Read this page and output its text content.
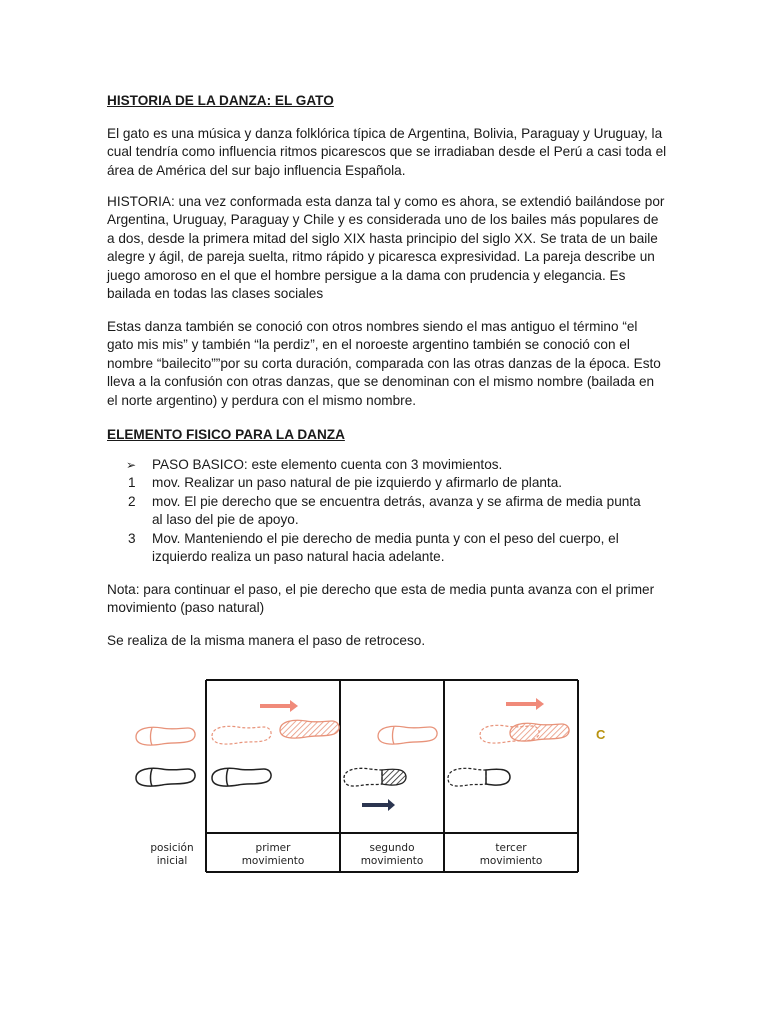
HISTORIA DE LA DANZA: EL GATO

El gato es una música y danza folklórica típica de Argentina, Bolivia, Paraguay y Uruguay, la cual tendría como influencia ritmos picarescos que se irradiaban desde el Perú a casi toda el área de América del sur bajo influencia Española.

HISTORIA: una vez conformada esta danza tal y como es ahora, se extendió bailándose por Argentina, Uruguay, Paraguay y Chile y es considerada uno de los bailes más populares de a dos, desde la primera mitad del siglo XIX hasta principio del siglo XX. Se trata de un baile alegre y ágil, de pareja suelta, ritmo rápido y picaresca expresividad. La pareja describe un juego amoroso en el que el hombre persigue a la dama con prudencia y elegancia. Es bailada en todas las clases sociales

Estas danza también se conoció con otros nombres siendo el mas antiguo el término “el gato mis mis” y también “la perdiz”, en el noroeste argentino también se conoció con el nombre “bailecito””por su corta duración, comparada con las otras danzas de la época. Esto lleva a la confusión con otras danzas, que se denominan con el mismo nombre (bailada en el norte argentino) y perdura con el mismo nombre.

ELEMENTO FISICO PARA LA DANZA
➢ PASO BASICO: este elemento cuenta con 3 movimientos.
1 mov. Realizar un paso natural de pie izquierdo y afirmarlo de planta.
2 mov. El pie derecho que se encuentra detrás, avanza y se afirma de media punta
al laso del pie de apoyo.
3 Mov. Manteniendo el pie derecho de media punta y con el peso del cuerpo, el
izquierdo realiza un paso natural hacia adelante.

Nota: para continuar el paso, el pie derecho que esta de media punta avanza con el primer movimiento (paso natural)

Se realiza de la misma manera el paso de retroceso.

posición
inicial
primer
movimiento
segundo
movimiento
tercer
movimiento
C
